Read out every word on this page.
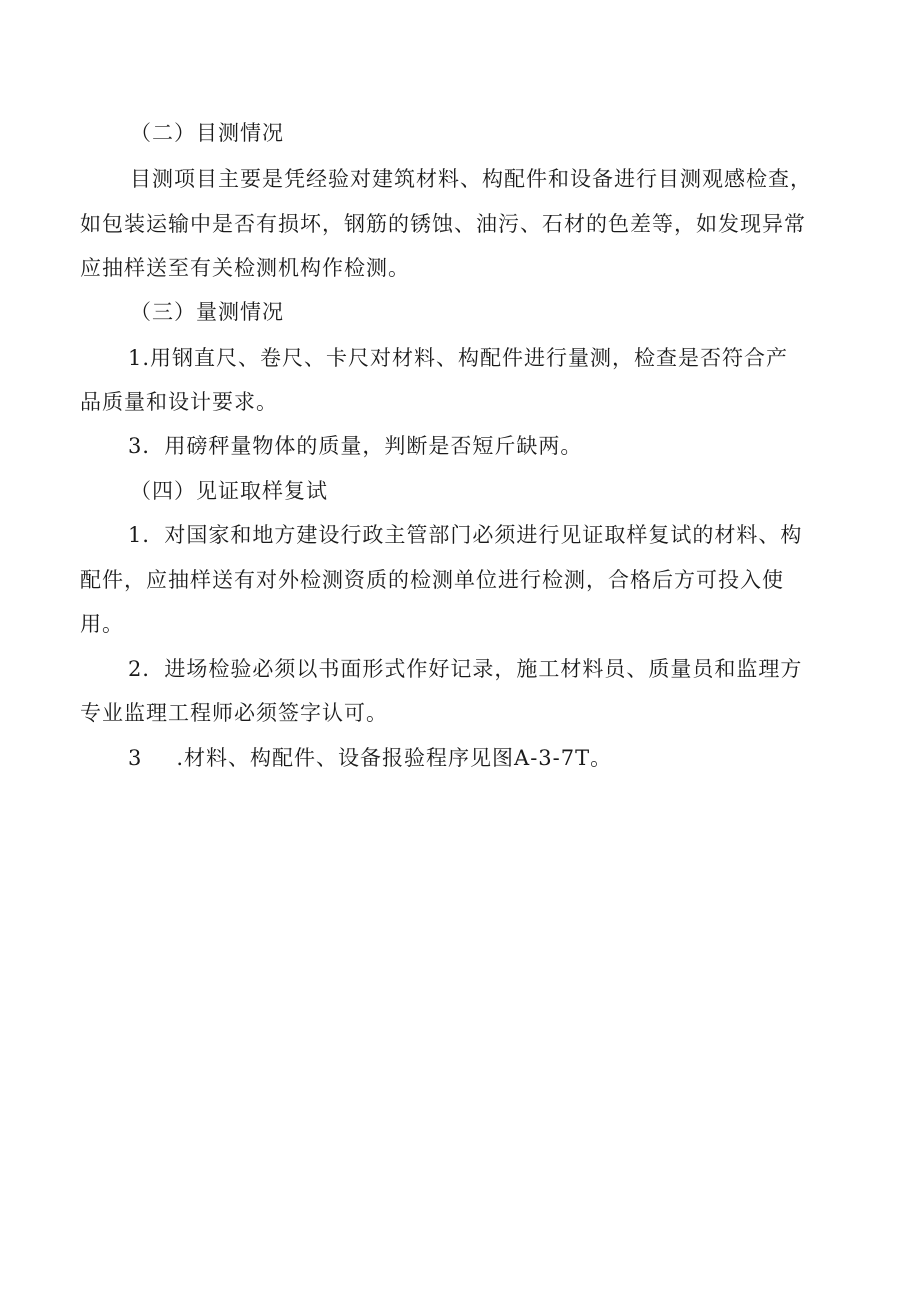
（二）目测情况
目测项目主要是凭经验对建筑材料、构配件和设备进行目测观感检查，
如包装运输中是否有损坏，钢筋的锈蚀、油污、石材的色差等，如发现异常
应抽样送至有关检测机构作检测。
（三）量测情况
1.用钢直尺、卷尺、卡尺对材料、构配件进行量测，检查是否符合产
品质量和设计要求。
3．用磅秤量物体的质量，判断是否短斤缺两。
（四）见证取样复试
1．对国家和地方建设行政主管部门必须进行见证取样复试的材料、构
配件，应抽样送有对外检测资质的检测单位进行检测，合格后方可投入使
用。
2．进场检验必须以书面形式作好记录，施工材料员、质量员和监理方
专业监理工程师必须签字认可。
3 .材料、构配件、设备报验程序见图A-3-7T。
